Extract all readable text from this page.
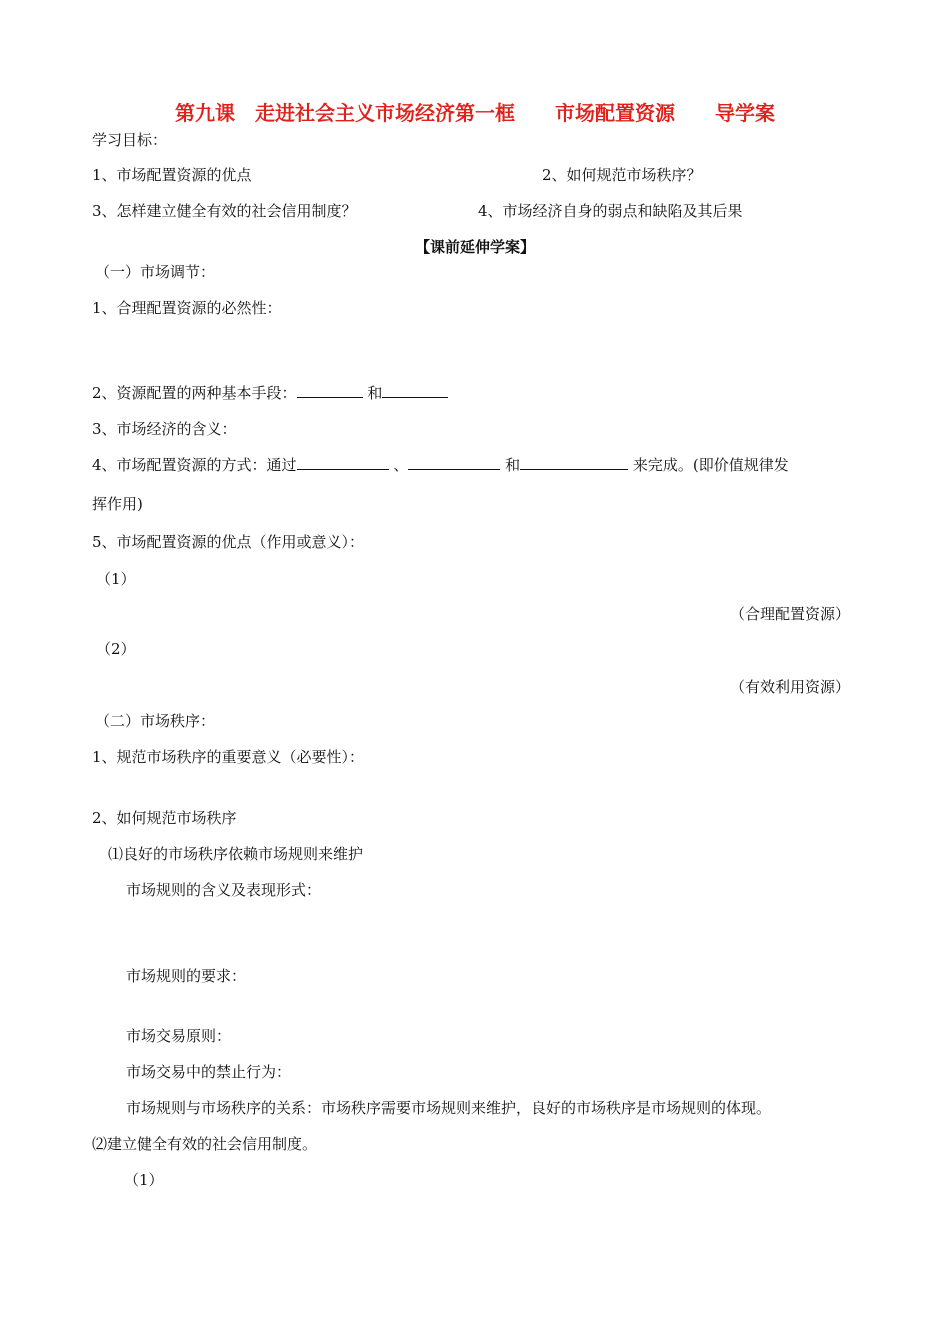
第九课　走进社会主义市场经济第一框　　市场配置资源　　导学案
学习目标：
1、市场配置资源的优点	2、如何规范市场秩序？
3、怎样建立健全有效的社会信用制度？	4、市场经济自身的弱点和缺陷及其后果
【课前延伸学案】
（一）市场调节：
1、合理配置资源的必然性：
2、资源配置的两种基本手段：	和
3、市场经济的含义：
4、市场配置资源的方式：通过	、	和	来完成。(即价值规律发
挥作用)
5、市场配置资源的优点（作用或意义）：
（1）
（合理配置资源）
（2）
（有效利用资源）
（二）市场秩序：
1、规范市场秩序的重要意义（必要性）：
2、如何规范市场秩序
⑴良好的市场秩序依赖市场规则来维护
市场规则的含义及表现形式：
市场规则的要求：
市场交易原则：
市场交易中的禁止行为：
市场规则与市场秩序的关系：市场秩序需要市场规则来维护，良好的市场秩序是市场规则的体现。
⑵建立健全有效的社会信用制度。
（1）
